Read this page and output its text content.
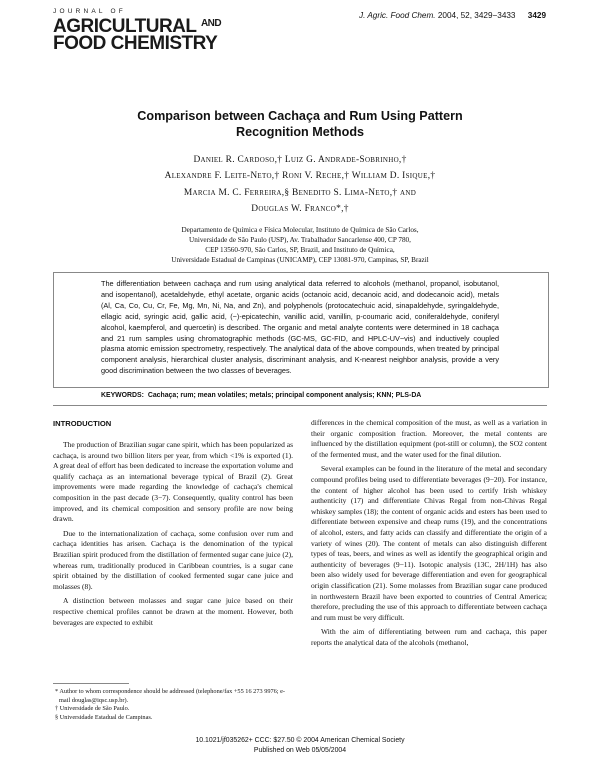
JOURNAL OF
AGRICULTURAL $^{AND}$
FOOD CHEMISTRY
J. Agric. Food Chem. 2004, 52, 3429−3433 3429
Comparison between Cachaça and Rum Using Pattern Recognition Methods
Daniel R. Cardoso,† Luiz G. Andrade-Sobrinho,†
Alexandre F. Leite-Neto,† Roni V. Reche,† William D. Isique,†
Marcia M. C. Ferreira,§ Benedito S. Lima-Neto,† and
Douglas W. Franco*,†
Departamento de Química e Física Molecular, Instituto de Química de São Carlos,
Universidade de São Paulo (USP), Av. Trabalhador Sancarlense 400, CP 780,
CEP 13560-970, São Carlos, SP, Brazil, and Instituto de Química,
Universidade Estadual de Campinas (UNICAMP), CEP 13081-970, Campinas, SP, Brazil
The differentiation between cachaça and rum using analytical data referred to alcohols (methanol, propanol, isobutanol, and isopentanol), acetaldehyde, ethyl acetate, organic acids (octanoic acid, decanoic acid, and dodecanoic acid), metals (Al, Ca, Co, Cu, Cr, Fe, Mg, Mn, Ni, Na, and Zn), and polyphenols (protocatechuic acid, sinapaldehyde, syringaldehyde, ellagic acid, syringic acid, gallic acid, (−)-epicatechin, vanillic acid, vanillin, p-coumaric acid, coniferaldehyde, coniferyl alcohol, kaempferol, and quercetin) is described. The organic and metal analyte contents were determined in 18 cachaça and 21 rum samples using chromatographic methods (GC-MS, GC-FID, and HPLC-UV−vis) and inductively coupled plasma atomic emission spectrometry, respectively. The analytical data of the above compounds, when treated by principal component analysis, hierarchical cluster analysis, discriminant analysis, and K-nearest neighbor analysis, provide a very good discrimination between the two classes of beverages.
KEYWORDS: Cachaça; rum; mean volatiles; metals; principal component analysis; KNN; PLS-DA
INTRODUCTION

The production of Brazilian sugar cane spirit, which has been popularized as cachaça, is around two billion liters per year, from which <1% is exported (1). A great deal of effort has been dedicated to increase the exportation volume and qualify cachaça as an international beverage typical of Brazil (2). Great improvements were made regarding the knowledge of cachaça's chemical composition in the past decade (3−7). Consequently, quality control has been improved, and its chemical composition and sensory profile are now being drawn.

Due to the internationalization of cachaça, some confusion over rum and cachaça identities has arisen. Cachaça is the denomination of the typical Brazilian spirit produced from the distillation of fermented sugar cane juice (2), whereas rum, traditionally produced in Caribbean countries, is a sugar cane spirit obtained by the distillation of cooked fermented sugar cane juice and molasses (8).

A distinction between molasses and sugar cane juice based on their respective chemical profiles cannot be drawn at the moment. However, both beverages are expected to exhibit

differences in the chemical composition of the must, as well as a variation in their organic composition fraction. Moreover, the metal contents are influenced by the distillation equipment (pot-still or column), the SO2 content of the fermented must, and the water used for the final dilution.

Several examples can be found in the literature of the metal and secondary compound profiles being used to differentiate beverages (9−20). For instance, the content of higher alcohol has been used to certify Irish whiskey authenticity (17) and differentiate Chivas Regal from non-Chivas Regal whiskey samples (18); the content of organic acids and esters has been used to differentiate between expensive and cheap rums (19), and the concentrations of alcohol, esters, and fatty acids can classify and differentiate the origin of a variety of wines (20). The content of metals can also distinguish different types of teas, beers, and wines as well as identify the geographical origin and authenticity of beverages (9−11). Isotopic analysis (13C, 2H/1H) has also been also widely used for beverage differentiation and even for geographical origin classification (21). Some molasses from Brazilian sugar cane produced in northwestern Brazil have been exported to countries of Central America; therefore, precluding the use of this approach to differentiate between cachaça and rum must be very difficult.

With the aim of differentiating between rum and cachaça, this paper reports the analytical data of the alcohols (methanol,

* Author to whom correspondence should be addressed (telephone/fax +55 16 273 9976; e-mail douglas@iqsc.usp.br).
† Universidade de São Paulo.
§ Universidade Estadual de Campinas.
10.1021/jf035262+ CCC: $27.50 © 2004 American Chemical Society
Published on Web 05/05/2004
